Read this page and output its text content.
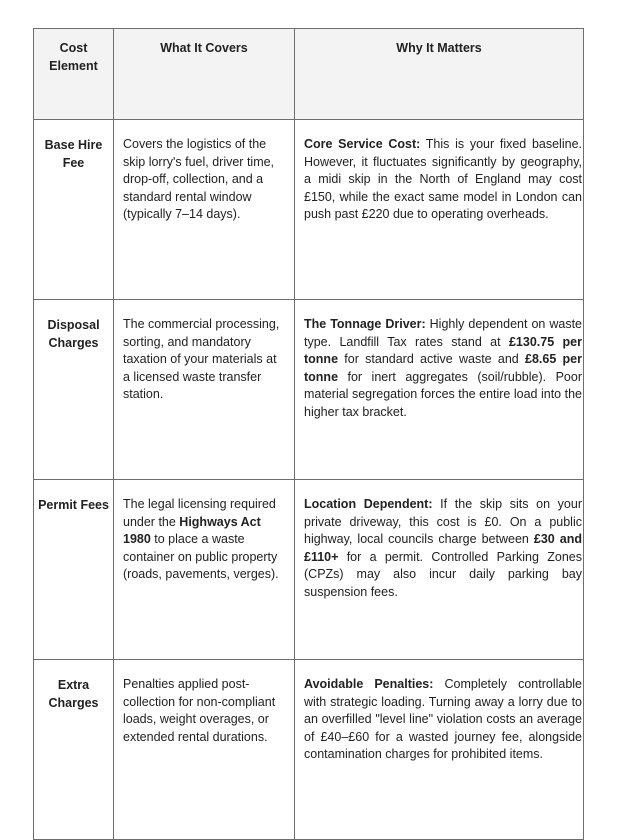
Cost Element	What It Covers	Why It Matters

Base Hire Fee	Covers the logistics of the skip lorry's fuel, driver time, drop-off, collection, and a standard rental window (typically 7–14 days).	Core Service Cost: This is your fixed baseline. However, it fluctuates significantly by geography, a midi skip in the North of England may cost £150, while the exact same model in London can push past £220 due to operating overheads.
Disposal Charges	The commercial processing, sorting, and mandatory taxation of your materials at a licensed waste transfer station.	The Tonnage Driver: Highly dependent on waste type. Landfill Tax rates stand at £130.75 per tonne for standard active waste and £8.65 per tonne for inert aggregates (soil/rubble). Poor material segregation forces the entire load into the higher tax bracket.
Permit Fees	The legal licensing required under the Highways Act 1980 to place a waste container on public property (roads, pavements, verges).	Location Dependent: If the skip sits on your private driveway, this cost is £0. On a public highway, local councils charge between £30 and £110+ for a permit. Controlled Parking Zones (CPZs) may also incur daily parking bay suspension fees.
Extra Charges	Penalties applied post-collection for non-compliant loads, weight overages, or extended rental durations.	Avoidable Penalties: Completely controllable with strategic loading. Turning away a lorry due to an overfilled "level line" violation costs an average of £40–£60 for a wasted journey fee, alongside contamination charges for prohibited items.
